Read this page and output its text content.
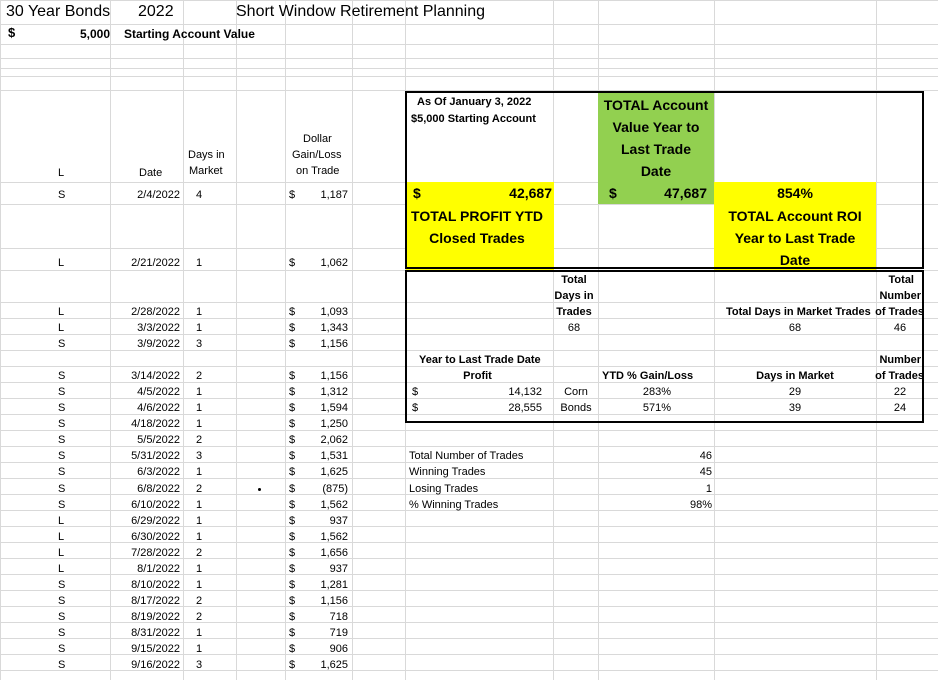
30 Year Bonds 2022	Short Window Retirement Planning
$	5,000 Starting Account Value
Dollar
Days in	Gain/Loss
Market	on Trade
Date
L
S	2/4/2022 4	$	1,187
L	2/21/2022 1	$	1,062
L	2/28/2022 1	$	1,093
L	3/3/2022 1	$	1,343
S	3/9/2022 3	$	1,156
S	3/14/2022 2	$	1,156
S	4/5/2022 1	$	1,312
S	4/6/2022 1	$	1,594
S	4/18/2022 1	$	1,250
S	5/5/2022 2	$	2,062
S	5/31/2022 3	$	1,531
S	6/3/2022 1	$	1,625
S	6/8/2022 2	$	(875)
S	6/10/2022 1	$	1,562
L	6/29/2022 1	$	937
L	6/30/2022 1	$	1,562
L	7/28/2022 2	$	1,656
L	8/1/2022 1	$	937
S	8/10/2022 1	$	1,281
S	8/17/2022 2	$	1,156
S	8/19/2022 2	$	718
S	8/31/2022 1	$	719
S	9/15/2022 1	$	906
S	9/16/2022 3	$	1,625
As Of January 3, 2022
$5,000 Starting Account
TOTAL Account
Value Year to
Last Trade
Date
$	42,687	$	47,687	854%
TOTAL PROFIT YTD
Closed Trades
TOTAL Account ROI
Year to Last Trade
Date
Total
Days in
Trades
68
Total
Number
of Trades
46
Total Days in Market Trades
68
Year to Last Trade Date
Profit	YTD % Gain/Loss	Days in Market
Number
of Trades
$	14,132	Corn	283%	29	22
$	28,555	Bonds	571%	39	24
Total Number of Trades	46
Winning Trades	45
Losing Trades	1
% Winning Trades	98%
